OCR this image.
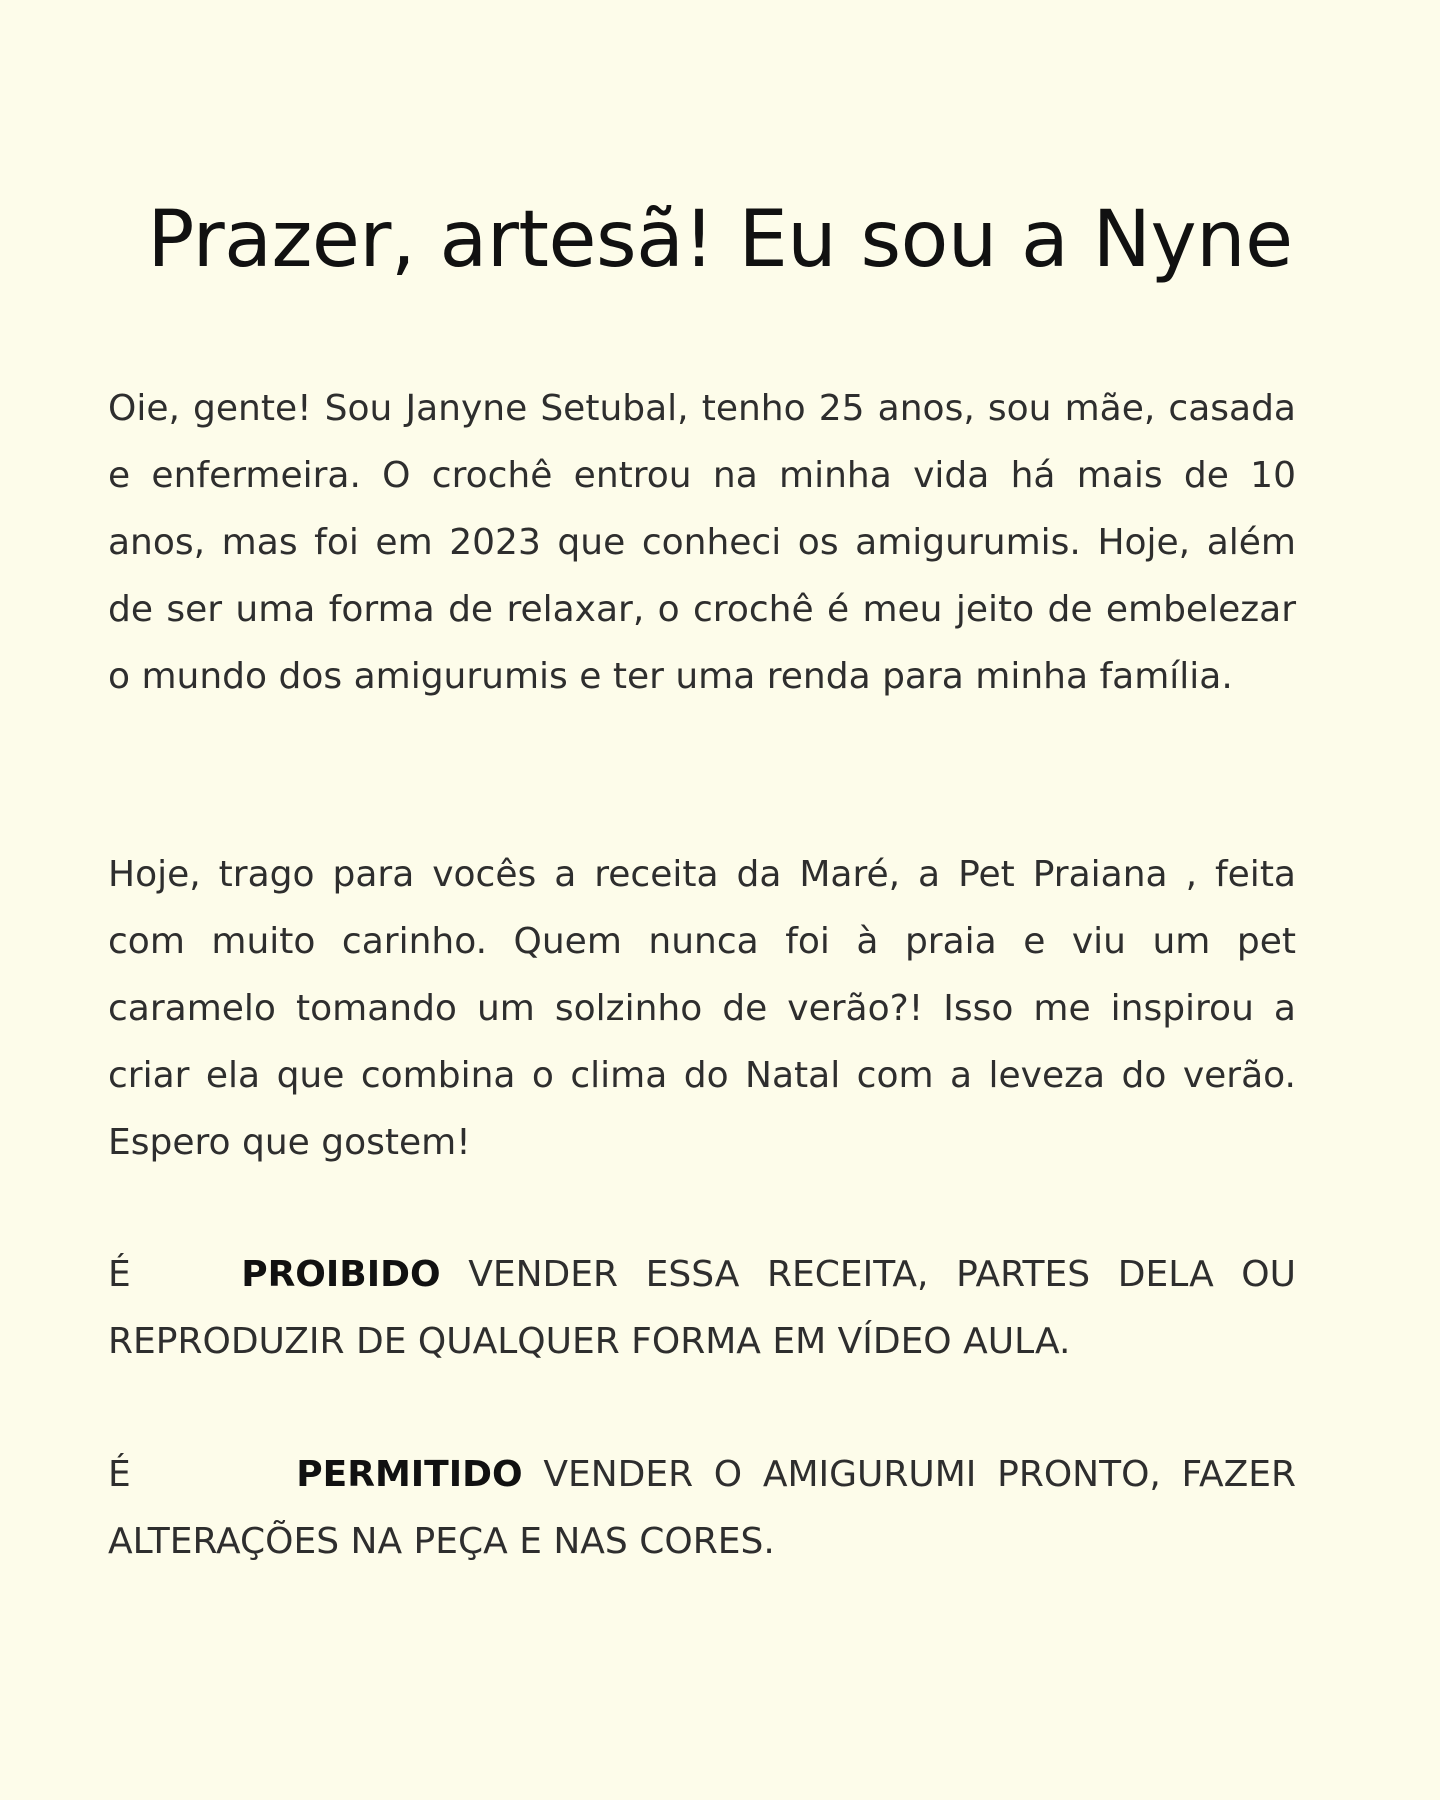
Prazer, artesã! Eu sou a Nyne

Oie, gente! Sou Janyne Setubal, tenho 25 anos, sou mãe, casada e enfermeira. O crochê entrou na minha vida há mais de 10 anos, mas foi em 2023 que conheci os amigurumis. Hoje, além de ser uma forma de relaxar, o crochê é meu jeito de embelezar o mundo dos amigurumis e ter uma renda para minha família.

Hoje, trago para vocês a receita da Maré, a Pet Praiana , feita com muito carinho. Quem nunca foi à praia e viu um pet caramelo tomando um solzinho de verão?! Isso me inspirou a criar ela que combina o clima do Natal com a leveza do verão. Espero que gostem!

É	PROIBIDO VENDER ESSA RECEITA, PARTES DELA OU REPRODUZIR DE QUALQUER FORMA EM VÍDEO AULA.

É	PERMITIDO VENDER O AMIGURUMI PRONTO, FAZER ALTERAÇÕES NA PEÇA E NAS CORES.
